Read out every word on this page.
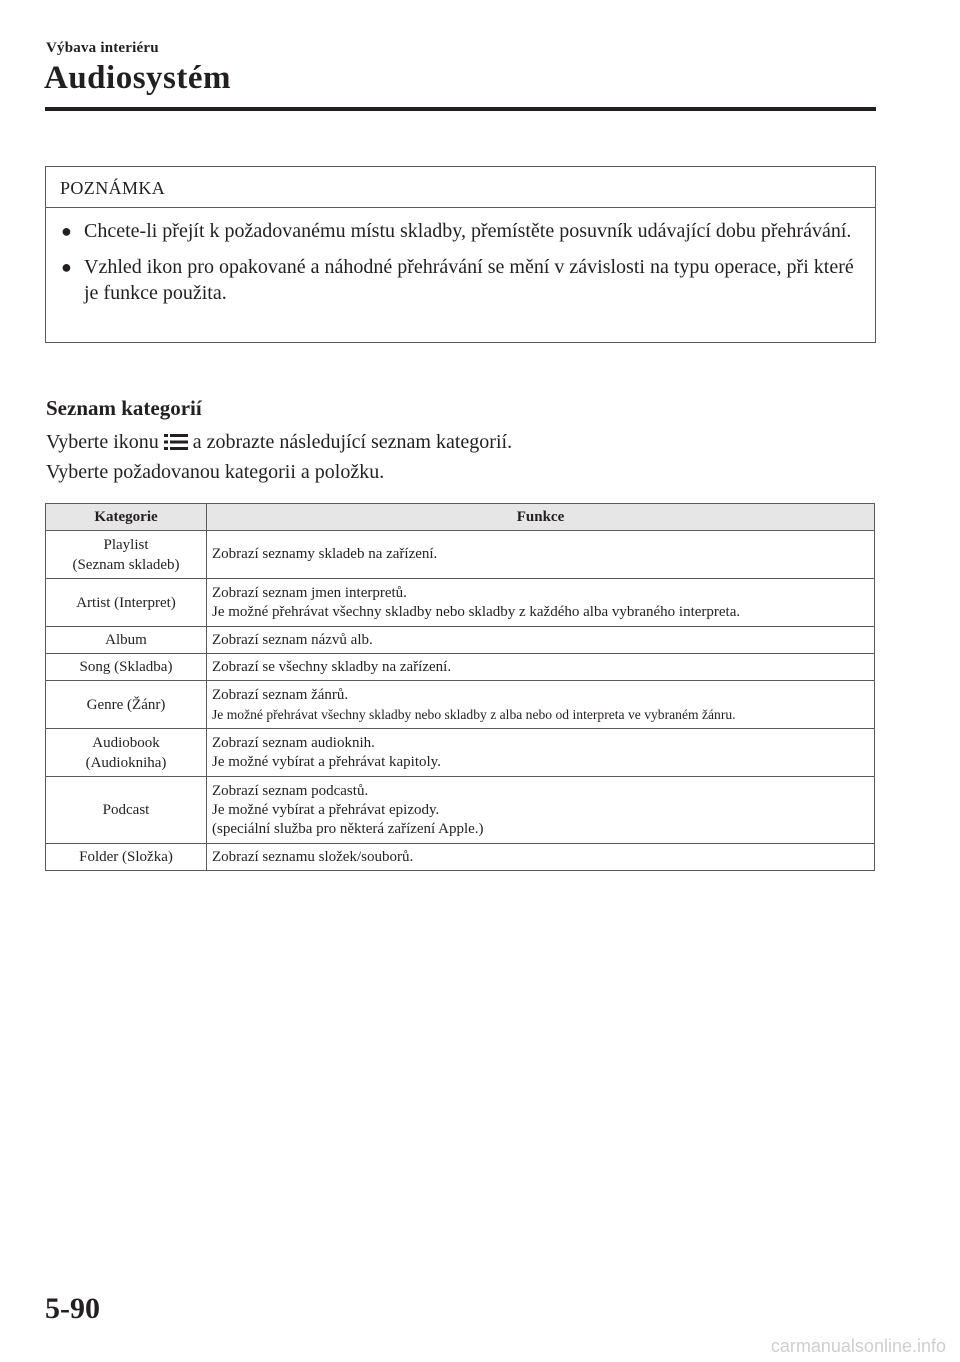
Výbava interiéru
Audiosystém
POZNÁMKA
● Chcete-li přejít k požadovanému místu skladby, přemístěte posuvník udávající dobu přehrávání.
● Vzhled ikon pro opakované a náhodné přehrávání se mění v závislosti na typu operace, při které je funkce použita.
Seznam kategorií
Vyberte ikonu a zobrazte následující seznam kategorií.
Vyberte požadovanou kategorii a položku.
Kategorie	Funkce

Playlist
(Seznam skladeb)	Zobrazí seznamy skladeb na zařízení.

Artist (Interpret)	Zobrazí seznam jmen interpretů.
Je možné přehrávat všechny skladby nebo skladby z každého alba vybraného interpreta.

Album	Zobrazí seznam názvů alb.

Song (Skladba)	Zobrazí se všechny skladby na zařízení.

Genre (Žánr)	Zobrazí seznam žánrů.
Je možné přehrávat všechny skladby nebo skladby z alba nebo od interpreta ve vybraném žánru.

Audiobook
(Audiokniha)	Zobrazí seznam audioknih.
Je možné vybírat a přehrávat kapitoly.

Podcast	Zobrazí seznam podcastů.
Je možné vybírat a přehrávat epizody.
(speciální služba pro některá zařízení Apple.)

Folder (Složka)	Zobrazí seznamu složek/souborů.
5-90
carmanualsonline.info
